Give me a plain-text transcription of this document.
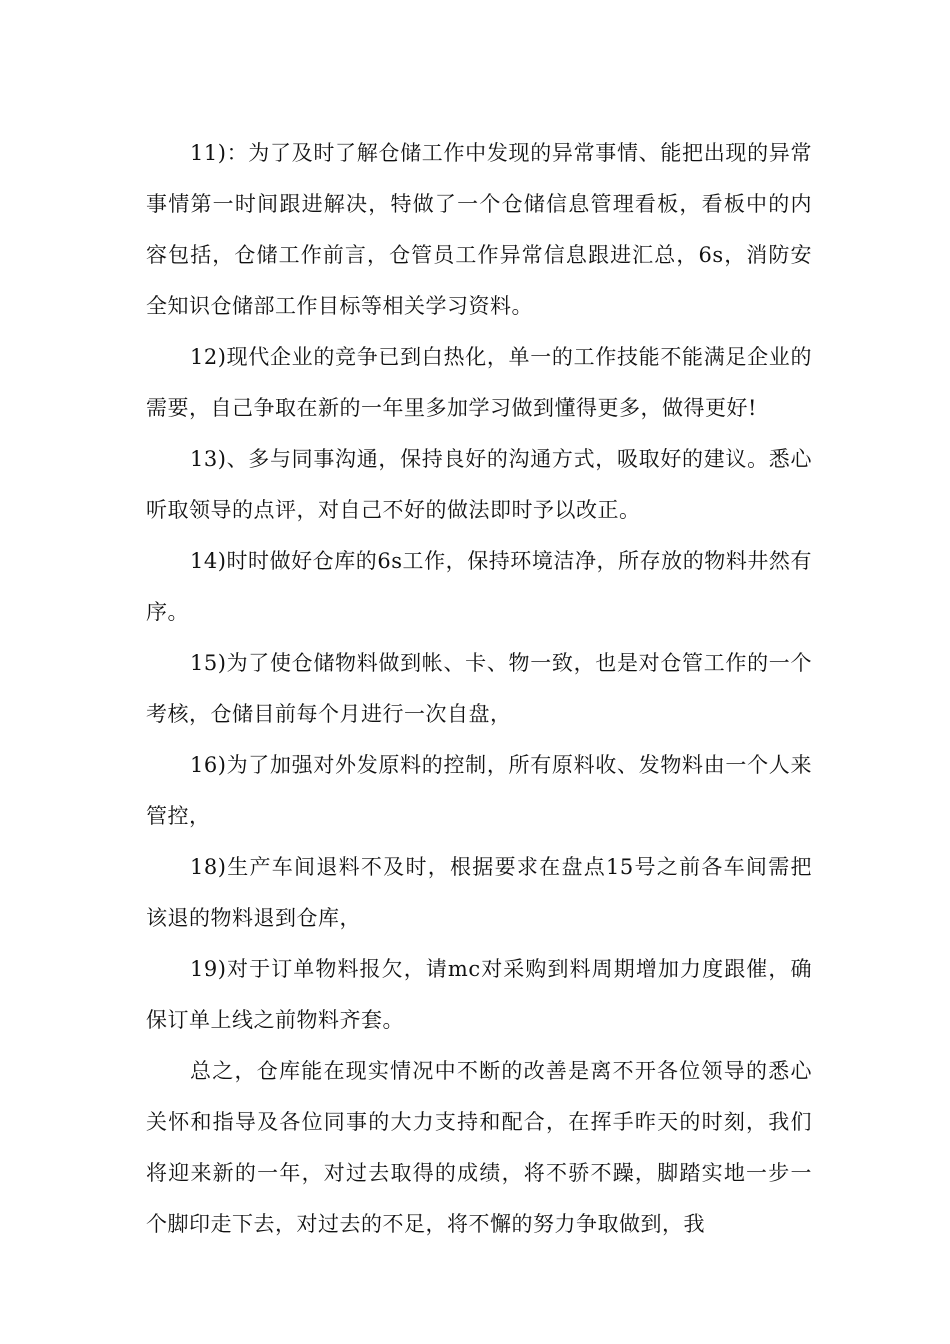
11)：为了及时了解仓储工作中发现的异常事情、能把出现的异常事情第一时间跟进解决，特做了一个仓储信息管理看板，看板中的内容包括，仓储工作前言，仓管员工作异常信息跟进汇总，6s，消防安全知识仓储部工作目标等相关学习资料。

12)现代企业的竞争已到白热化，单一的工作技能不能满足企业的需要，自己争取在新的一年里多加学习做到懂得更多，做得更好!

13)、多与同事沟通，保持良好的沟通方式，吸取好的建议。悉心听取领导的点评，对自己不好的做法即时予以改正。

14)时时做好仓库的6s工作，保持环境洁净，所存放的物料井然有序。

15)为了使仓储物料做到帐、卡、物一致，也是对仓管工作的一个考核，仓储目前每个月进行一次自盘，

16)为了加强对外发原料的控制，所有原料收、发物料由一个人来管控，

18)生产车间退料不及时，根据要求在盘点15号之前各车间需把该退的物料退到仓库，

19)对于订单物料报欠，请mc对采购到料周期增加力度跟催，确保订单上线之前物料齐套。

总之，仓库能在现实情况中不断的改善是离不开各位领导的悉心关怀和指导及各位同事的大力支持和配合，在挥手昨天的时刻，我们将迎来新的一年，对过去取得的成绩，将不骄不躁，脚踏实地一步一个脚印走下去，对过去的不足，将不懈的努力争取做到，我
